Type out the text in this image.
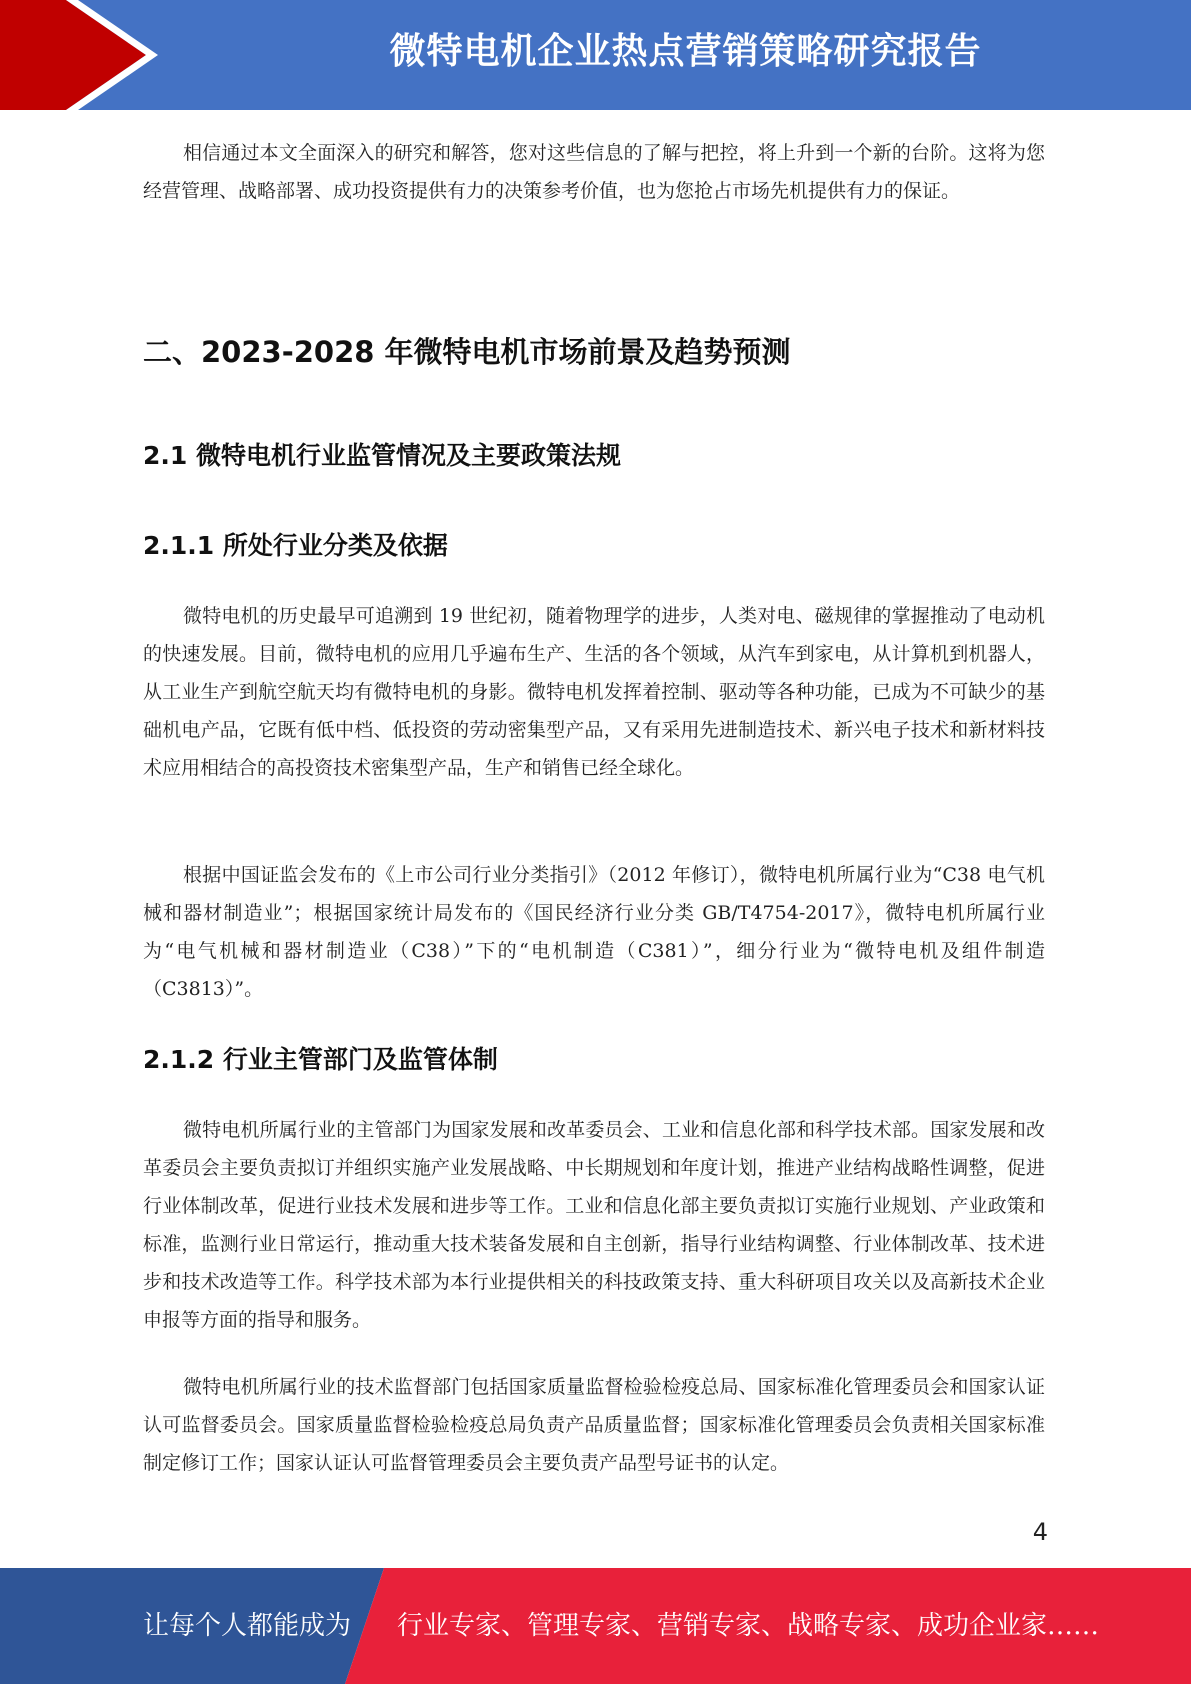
微特电机企业热点营销策略研究报告

相信通过本文全面深入的研究和解答，您对这些信息的了解与把控，将上升到一个新的台阶。这将为您经营管理、战略部署、成功投资提供有力的决策参考价值，也为您抢占市场先机提供有力的保证。

二、2023-2028 年微特电机市场前景及趋势预测
2.1 微特电机行业监管情况及主要政策法规
2.1.1 所处行业分类及依据

微特电机的历史最早可追溯到 19 世纪初，随着物理学的进步，人类对电、磁规律的掌握推动了电动机的快速发展。目前，微特电机的应用几乎遍布生产、生活的各个领域，从汽车到家电，从计算机到机器人，从工业生产到航空航天均有微特电机的身影。微特电机发挥着控制、驱动等各种功能，已成为不可缺少的基础机电产品，它既有低中档、低投资的劳动密集型产品，又有采用先进制造技术、新兴电子技术和新材料技术应用相结合的高投资技术密集型产品，生产和销售已经全球化。

根据中国证监会发布的《上市公司行业分类指引》（2012 年修订），微特电机所属行业为“C38 电气机械和器材制造业”；根据国家统计局发布的《国民经济行业分类 GB/T4754-2017》，微特电机所属行业为“电气机械和器材制造业（C38）”下的“电机制造（C381）”，细分行业为“微特电机及组件制造（C3813）”。

2.1.2 行业主管部门及监管体制

微特电机所属行业的主管部门为国家发展和改革委员会、工业和信息化部和科学技术部。国家发展和改革委员会主要负责拟订并组织实施产业发展战略、中长期规划和年度计划，推进产业结构战略性调整，促进行业体制改革，促进行业技术发展和进步等工作。工业和信息化部主要负责拟订实施行业规划、产业政策和标准，监测行业日常运行，推动重大技术装备发展和自主创新，指导行业结构调整、行业体制改革、技术进步和技术改造等工作。科学技术部为本行业提供相关的科技政策支持、重大科研项目攻关以及高新技术企业申报等方面的指导和服务。

微特电机所属行业的技术监督部门包括国家质量监督检验检疫总局、国家标准化管理委员会和国家认证认可监督委员会。国家质量监督检验检疫总局负责产品质量监督；国家标准化管理委员会负责相关国家标准制定修订工作；国家认证认可监督管理委员会主要负责产品型号证书的认定。

4
让每个人都能成为 行业专家、管理专家、营销专家、战略专家、成功企业家……
